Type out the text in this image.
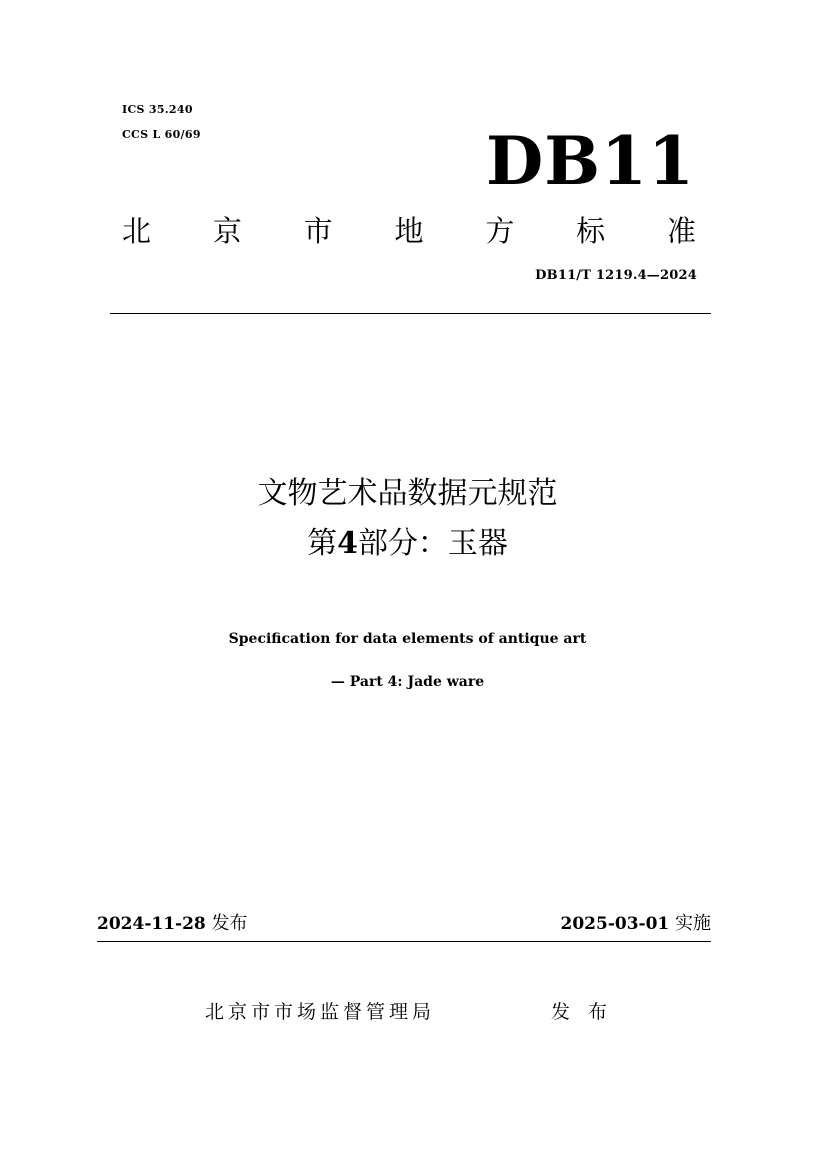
ICS 35.240
CCS L 60/69	DB11
北 京 市 地 方 标 准
DB11/T 1219.4—2024
文物艺术品数据元规范
第4部分：玉器
Specification for data elements of antique art
— Part 4: Jade ware
2024-11-28 发布	2025-03-01 实施
北京市市场监督管理局	发布
